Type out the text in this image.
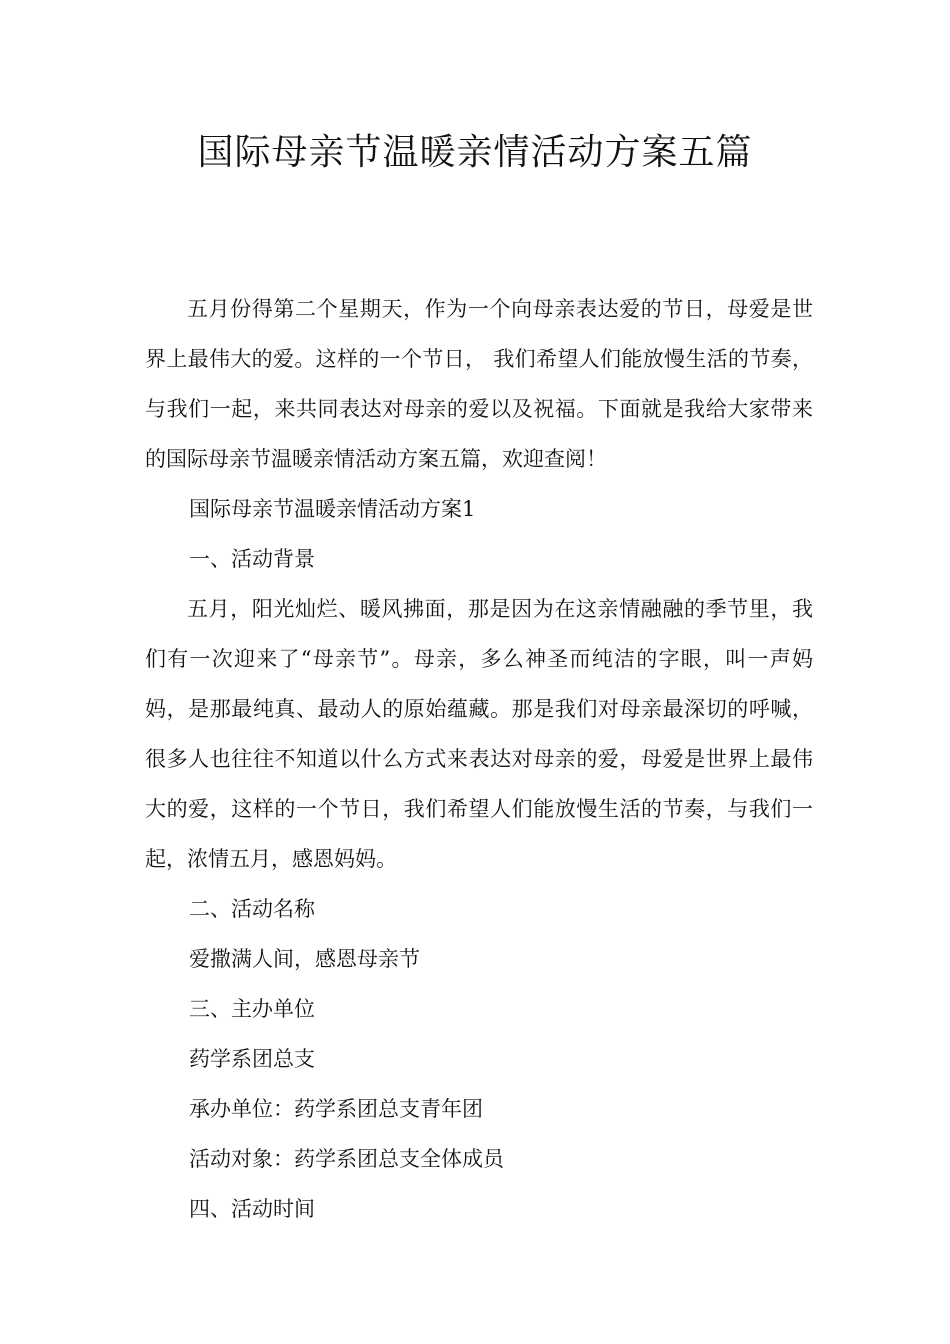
国际母亲节温暖亲情活动方案五篇

五月份得第二个星期天，作为一个向母亲表达爱的节日，母爱是世界上最伟大的爱。这样的一个节日， 我们希望人们能放慢生活的节奏，与我们一起，来共同表达对母亲的爱以及祝福。下面就是我给大家带来的国际母亲节温暖亲情活动方案五篇，欢迎查阅！

国际母亲节温暖亲情活动方案1

一、活动背景

五月，阳光灿烂、暖风拂面，那是因为在这亲情融融的季节里，我们有一次迎来了“母亲节”。母亲，多么神圣而纯洁的字眼，叫一声妈妈，是那最纯真、最动人的原始蕴藏。那是我们对母亲最深切的呼喊，很多人也往往不知道以什么方式来表达对母亲的爱，母爱是世界上最伟大的爱，这样的一个节日，我们希望人们能放慢生活的节奏，与我们一起，浓情五月，感恩妈妈。

二、活动名称

爱撒满人间，感恩母亲节

三、主办单位

药学系团总支

承办单位：药学系团总支青年团

活动对象：药学系团总支全体成员

四、活动时间
